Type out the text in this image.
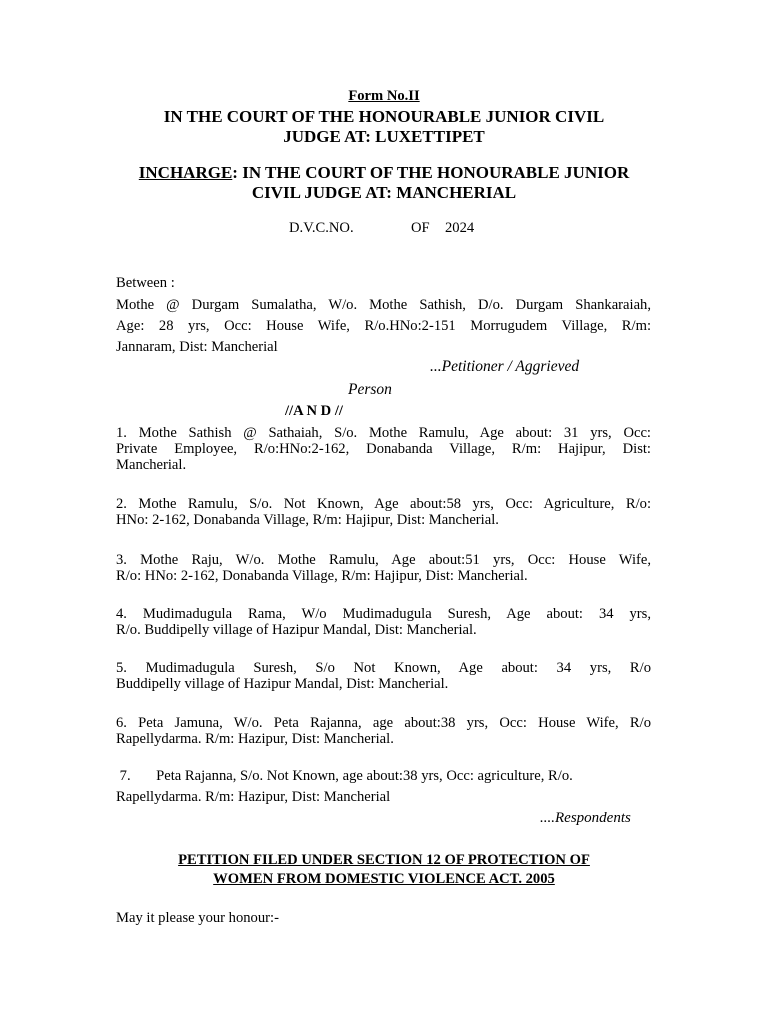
Form No.II
IN THE COURT OF THE HONOURABLE JUNIOR CIVIL
JUDGE AT: LUXETTIPET
INCHARGE: IN THE COURT OF THE HONOURABLE JUNIOR
CIVIL JUDGE AT: MANCHERIAL
D.V.C.NO.	OF 2024
Between :
Mothe @ Durgam Sumalatha, W/o. Mothe Sathish, D/o. Durgam Shankaraiah,
Age: 28 yrs, Occ: House Wife, R/o.HNo:2-151 Morrugudem Village, R/m:
Jannaram, Dist: Mancherial
...Petitioner / Aggrieved
Person
//A N D //
1. Mothe Sathish @ Sathaiah, S/o. Mothe Ramulu, Age about: 31 yrs, Occ:
Private Employee, R/o:HNo:2-162, Donabanda Village, R/m: Hajipur, Dist:
Mancherial.
2. Mothe Ramulu, S/o. Not Known, Age about:58 yrs, Occ: Agriculture, R/o:
HNo: 2-162, Donabanda Village, R/m: Hajipur, Dist: Mancherial.
3. Mothe Raju, W/o. Mothe Ramulu, Age about:51 yrs, Occ: House Wife,
R/o: HNo: 2-162, Donabanda Village, R/m: Hajipur, Dist: Mancherial.
4. Mudimadugula Rama, W/o Mudimadugula Suresh, Age about: 34 yrs,
R/o. Buddipelly village of Hazipur Mandal, Dist: Mancherial.
5. Mudimadugula Suresh, S/o Not Known, Age about: 34 yrs, R/o
Buddipelly village of Hazipur Mandal, Dist: Mancherial.
6. Peta Jamuna, W/o. Peta Rajanna, age about:38 yrs, Occ: House Wife, R/o
Rapellydarma. R/m: Hazipur, Dist: Mancherial.
7.       Peta Rajanna, S/o. Not Known, age about:38 yrs, Occ: agriculture, R/o.
Rapellydarma. R/m: Hazipur, Dist: Mancherial
....Respondents
PETITION FILED UNDER SECTION 12 OF PROTECTION OF
WOMEN FROM DOMESTIC VIOLENCE ACT. 2005
May it please your honour:-
